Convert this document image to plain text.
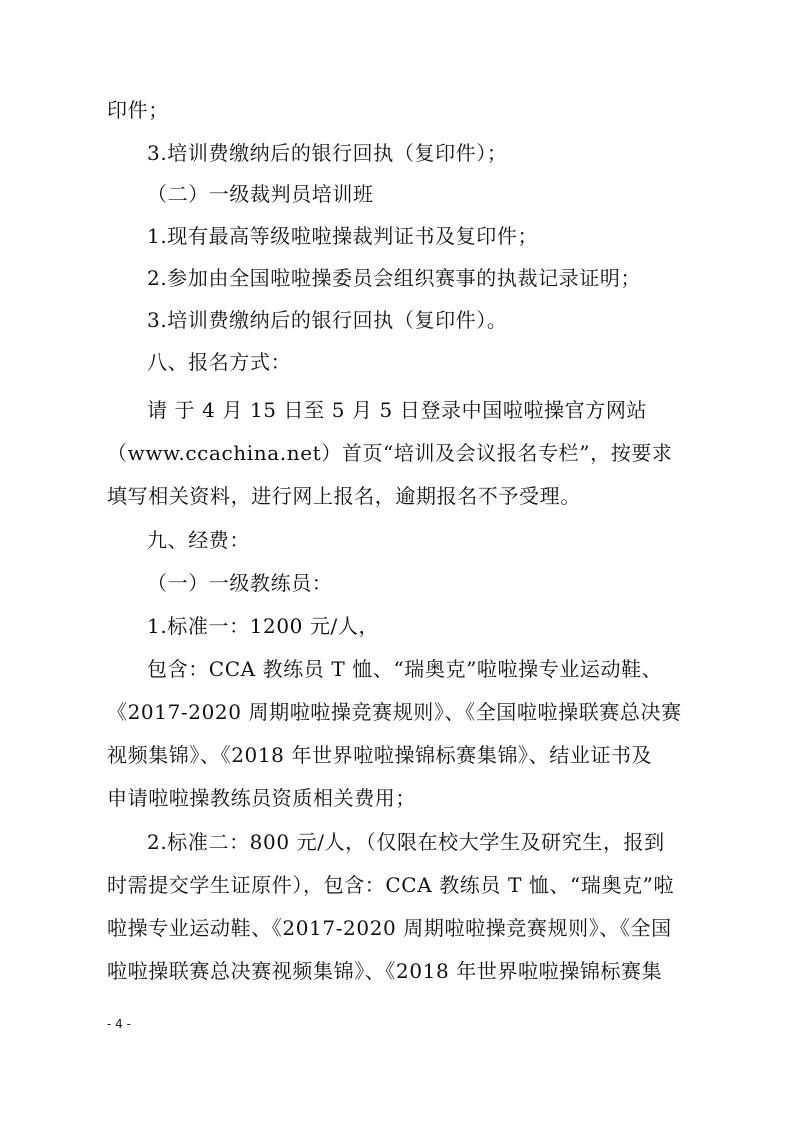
印件；
3.培训费缴纳后的银行回执（复印件）；
（二）一级裁判员培训班
1.现有最高等级啦啦操裁判证书及复印件；
2.参加由全国啦啦操委员会组织赛事的执裁记录证明；
3.培训费缴纳后的银行回执（复印件）。
八、报名方式：
请 于 4 月 15 日至 5 月 5 日登录中国啦啦操官方网站
（www.ccachina.net）首页“培训及会议报名专栏”，按要求
填写相关资料，进行网上报名，逾期报名不予受理。
九、经费：
（一）一级教练员：
1.标准一：1200 元/人，
包含：CCA 教练员 T 恤、“瑞奥克”啦啦操专业运动鞋、
《2017-2020 周期啦啦操竞赛规则》、《全国啦啦操联赛总决赛
视频集锦》、《2018 年世界啦啦操锦标赛集锦》、结业证书及
申请啦啦操教练员资质相关费用；
2.标准二：800 元/人，（仅限在校大学生及研究生，报到
时需提交学生证原件），包含：CCA 教练员 T 恤、“瑞奥克”啦
啦操专业运动鞋、《2017-2020 周期啦啦操竞赛规则》、《全国
啦啦操联赛总决赛视频集锦》、《2018 年世界啦啦操锦标赛集
- 4 -
